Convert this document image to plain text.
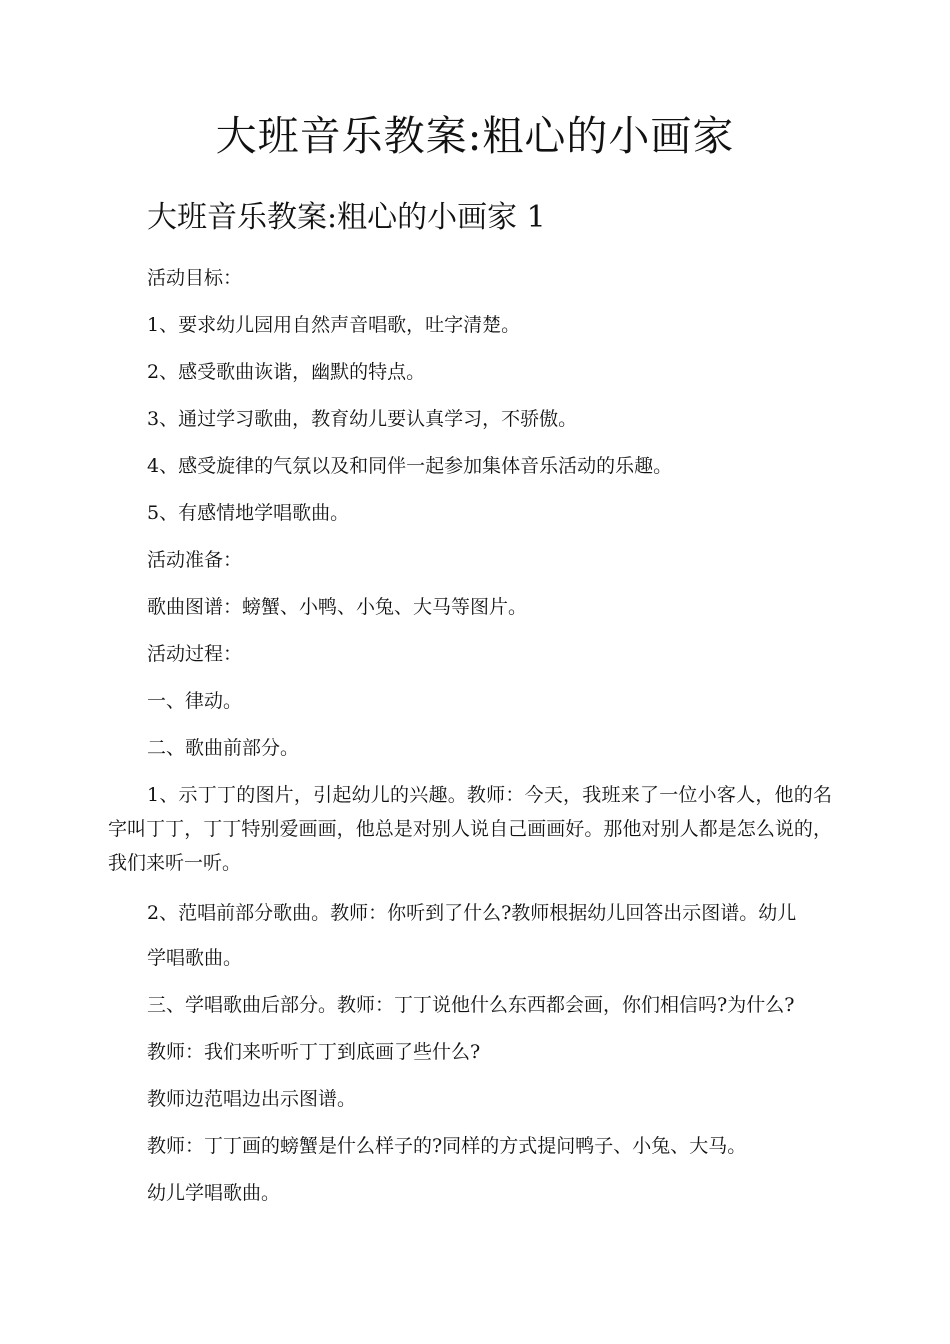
大班音乐教案:粗心的小画家
大班音乐教案:粗心的小画家 1

活动目标：

1、要求幼儿园用自然声音唱歌，吐字清楚。

2、感受歌曲诙谐，幽默的特点。

3、通过学习歌曲，教育幼儿要认真学习，不骄傲。

4、感受旋律的气氛以及和同伴一起参加集体音乐活动的乐趣。

5、有感情地学唱歌曲。

活动准备：

歌曲图谱：螃蟹、小鸭、小兔、大马等图片。

活动过程：

一、律动。

二、歌曲前部分。

1、示丁丁的图片，引起幼儿的兴趣。教师：今天，我班来了一位小客人，他的名字叫丁丁，丁丁特别爱画画，他总是对别人说自己画画好。那他对别人都是怎么说的，我们来听一听。

2、范唱前部分歌曲。教师：你听到了什么?教师根据幼儿回答出示图谱。幼儿

学唱歌曲。

三、学唱歌曲后部分。教师：丁丁说他什么东西都会画，你们相信吗?为什么?

教师：我们来听听丁丁到底画了些什么?

教师边范唱边出示图谱。

教师：丁丁画的螃蟹是什么样子的?同样的方式提问鸭子、小兔、大马。

幼儿学唱歌曲。
